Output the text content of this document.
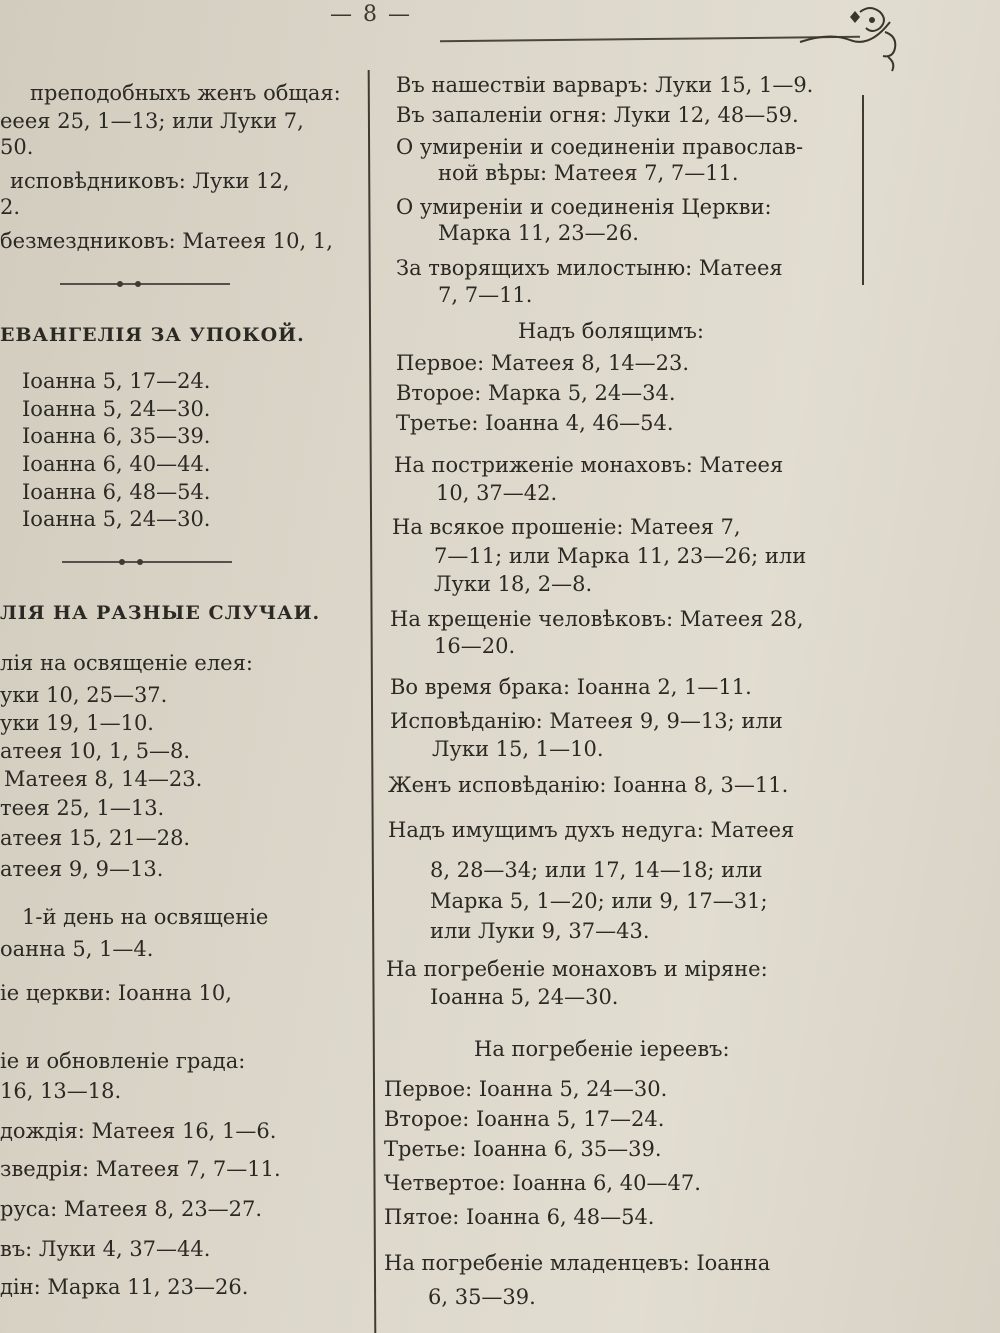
— 8 —
преподобныхъ женъ общая:
ееея 25, 1—13; или Луки 7,
50.
исповѣдниковъ: Луки 12,
2.
безмездниковъ: Матеея 10, 1,
ЕВАНГЕЛІЯ ЗА УПОКОЙ.
Іоанна 5, 17—24.
Іоанна 5, 24—30.
Іоанна 6, 35—39.
Іоанна 6, 40—44.
Іоанна 6, 48—54.
Іоанна 5, 24—30.
ЛІЯ НА РАЗНЫЕ СЛУЧАИ.
лія на освященіе елея:
уки 10, 25—37.
уки 19, 1—10.
атеея 10, 1, 5—8.
Матеея 8, 14—23.
теея 25, 1—13.
атеея 15, 21—28.
атеея 9, 9—13.
1-й день на освященіе
оанна 5, 1—4.
іе церкви: Іоанна 10,
іе и обновленіе града:
16, 13—18.
дождія: Матеея 16, 1—6.
зведрія: Матеея 7, 7—11.
руса: Матеея 8, 23—27.
въ: Луки 4, 37—44.
дін: Марка 11, 23—26.
Въ нашествіи варваръ: Луки 15, 1—9.
Въ запаленіи огня: Луки 12, 48—59.
О умиреніи и соединеніи православ-
ной вѣры: Матеея 7, 7—11.
О умиреніи и соединенія Церкви:
Марка 11, 23—26.
За творящихъ милостыню: Матеея
7, 7—11.
Надъ болящимъ:
Первое: Матеея 8, 14—23.
Второе: Марка 5, 24—34.
Третье: Іоанна 4, 46—54.
На постриженіе монаховъ: Матеея
10, 37—42.
На всякое прошеніе: Матеея 7,
7—11; или Марка 11, 23—26; или
Луки 18, 2—8.
На крещеніе человѣковъ: Матеея 28,
16—20.
Во время брака: Іоанна 2, 1—11.
Исповѣданію: Матеея 9, 9—13; или
Луки 15, 1—10.
Женъ исповѣданію: Іоанна 8, 3—11.
Надъ имущимъ духъ недуга: Матеея
8, 28—34; или 17, 14—18; или
Марка 5, 1—20; или 9, 17—31;
или Луки 9, 37—43.
На погребеніе монаховъ и міряне:
Іоанна 5, 24—30.
На погребеніе іереевъ:
Первое: Іоанна 5, 24—30.
Второе: Іоанна 5, 17—24.
Третье: Іоанна 6, 35—39.
Четвертое: Іоанна 6, 40—47.
Пятое: Іоанна 6, 48—54.
На погребеніе младенцевъ: Іоанна
6, 35—39.
